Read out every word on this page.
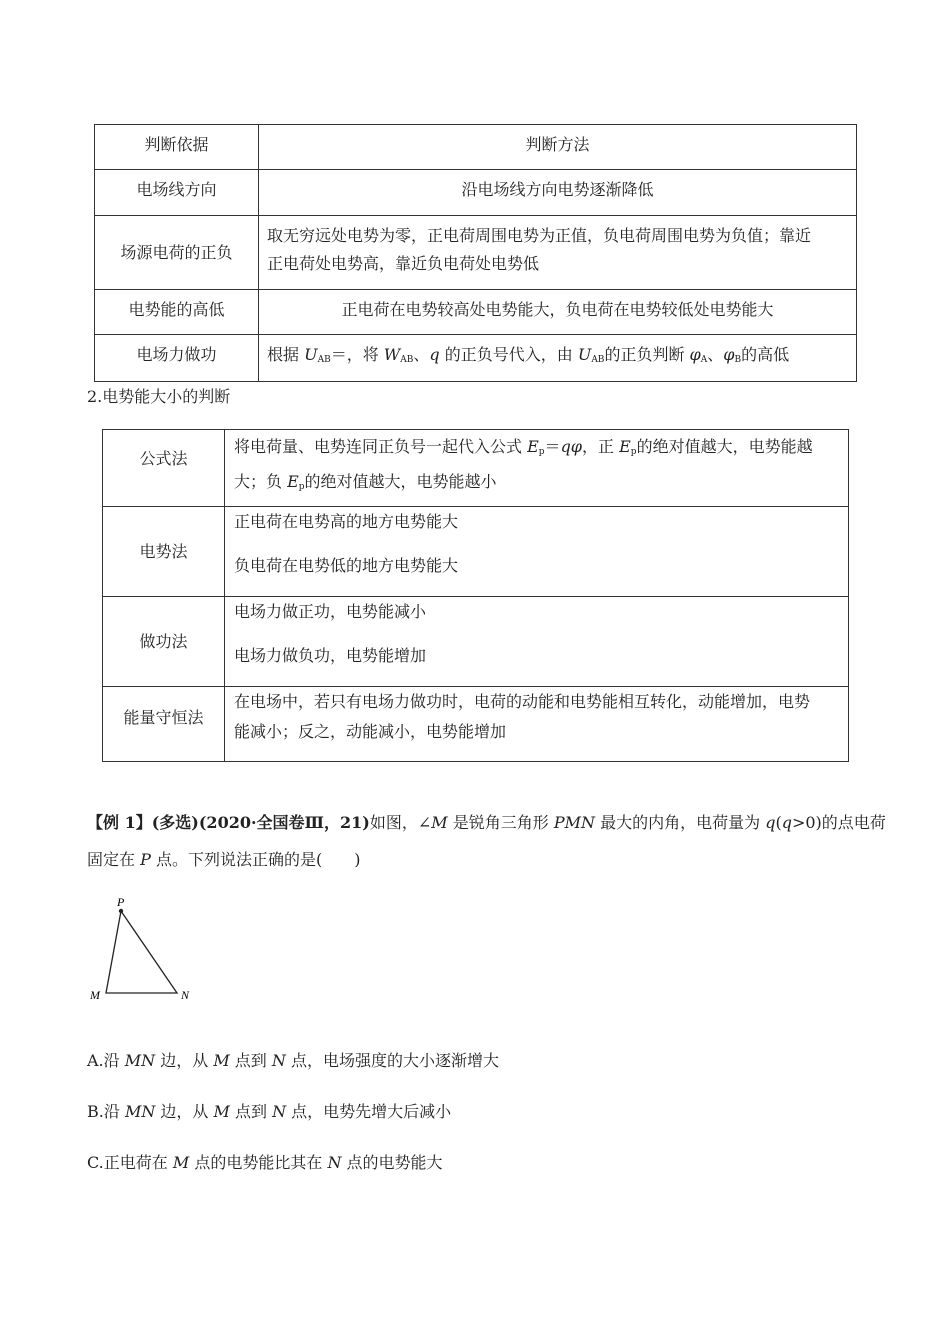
判断依据	判断方法

电场线方向	沿电场线方向电势逐渐降低

场源电荷的正负	取无穷远处电势为零，正电荷周围电势为正值，负电荷周围电势为负值；靠近
正电荷处电势高，靠近负电荷处电势低

电势能的高低	正电荷在电势较高处电势能大，负电荷在电势较低处电势能大

电场力做功	根据 $U_{AB}=$，将 $W_{AB}$、q 的正负号代入，由 $U_{AB}$的正负判断 $\varphi_A$、$\varphi_B$的高低
2.电势能大小的判断
公式法	将电荷量、电势连同正负号一起代入公式 $E_p=q\varphi$，正 $E_p$的绝对值越大，电势能越
大；负 $E_p$的绝对值越大，电势能越小

电势法	正电荷在电势高的地方电势能大
负电荷在电势低的地方电势能大

做功法	电场力做正功，电势能减小
电场力做负功，电势能增加

能量守恒法	在电场中，若只有电场力做功时，电荷的动能和电势能相互转化，动能增加，电势
能减小；反之，动能减小，电势能增加
【例 1】(多选)(2020·全国卷Ⅲ，21)如图，∠M 是锐角三角形 PMN 最大的内角，电荷量为 q(q>0)的点电荷
固定在 P 点。下列说法正确的是(　　)
P
M	N
A.沿 MN 边，从 M 点到 N 点，电场强度的大小逐渐增大
B.沿 MN 边，从 M 点到 N 点，电势先增大后减小
C.正电荷在 M 点的电势能比其在 N 点的电势能大
